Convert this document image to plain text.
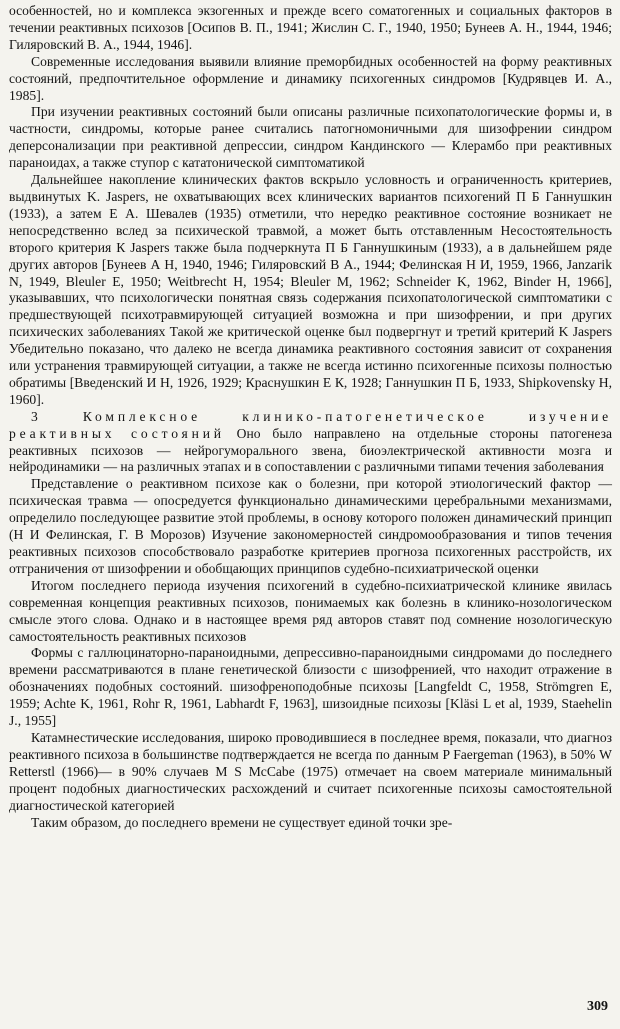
особенностей, но и комплекса экзогенных и прежде всего соматогенных и социальных факторов в течении реактивных психозов [Осипов В. П., 1941; Жислин С. Г., 1940, 1950; Бунеев А. Н., 1944, 1946; Гиляровский В. А., 1944, 1946].

Современные исследования выявили влияние преморбидных особенностей на форму реактивных состояний, предпочтительное оформление и динамику психогенных синдромов [Кудрявцев И. А., 1985].

При изучении реактивных состояний были описаны различные психопатологические формы и, в частности, синдромы, которые ранее считались патогномоничными для шизофрении синдром деперсонализации при реактивной депрессии, синдром Кандинского — Клерамбо при реактивных параноидах, а также ступор с кататонической симптоматикой

Дальнейшее накопление клинических фактов вскрыло условность и ограниченность критериев, выдвинутых K. Jaspers, не охватывающих всех клинических вариантов психогений П Б Ганнушкин (1933), а затем Е А. Шевалев (1935) отметили, что нередко реактивное состояние возникает не непосредственно вслед за психической травмой, а может быть отставленным Несостоятельность второго критерия К Jaspers также была подчеркнута П Б Ганнушкиным (1933), а в дальнейшем ряде других авторов [Бунеев А Н, 1940, 1946; Гиляровский В А., 1944; Фелинская Н И, 1959, 1966, Janzarik N, 1949, Bleuler E, 1950; Weitbrecht H, 1954; Bleuler M, 1962; Schneider K, 1962, Binder H, 1966], указывавших, что психологически понятная связь содержания психопатологической симптоматики с предшествующей психотравмирующей ситуацией возможна и при шизофрении, и при других психических заболеваниях Такой же критической оценке был подвергнут и третий критерий K Jaspers Убедительно показано, что далеко не всегда динамика реактивного состояния зависит от сохранения или устранения травмирующей ситуации, а также не всегда истинно психогенные психозы полностью обратимы [Введенский И Н, 1926, 1929; Краснушкин Е К, 1928; Ганнушкин П Б, 1933, Shipkovensky H, 1960].

3 Комплексное клинико-патогенетическое изучение реактивных состояний Оно было направлено на отдельные стороны патогенеза реактивных психозов — нейрогуморального звена, биоэлектрической активности мозга и нейродинамики — на различных этапах и в сопоставлении с различными типами течения заболевания

Представление о реактивном психозе как о болезни, при которой этиологический фактор — психическая травма — опосредуется функционально динамическими церебральными механизмами, определило последующее развитие этой проблемы, в основу которого положен динамический принцип (Н И Фелинская, Г. В Морозов) Изучение закономерностей синдромообразования и типов течения реактивных психозов способствовало разработке критериев прогноза психогенных расстройств, их отграничения от шизофрении и обобщающих принципов судебно-психиатрической оценки

Итогом последнего периода изучения психогений в судебно-психиатрической клинике явилась современная концепция реактивных психозов, понимаемых как болезнь в клинико-нозологическом смысле этого слова. Однако и в настоящее время ряд авторов ставят под сомнение нозологическую самостоятельность реактивных психозов

Формы с галлюцинаторно-параноидными, депрессивно-параноидными синдромами до последнего времени рассматриваются в плане генетической близости с шизофренией, что находит отражение в обозначениях подобных состояний. шизофреноподобные психозы [Langfeldt C, 1958, Strömgren E, 1959; Achte K, 1961, Rohr R, 1961, Labhardt F, 1963], шизоидные психозы [Kläsi L et al, 1939, Staehelin J., 1955]

Катамнестические исследования, широко проводившиеся в последнее время, показали, что диагноз реактивного психоза в большинстве подтверждается не всегда по данным P Faergeman (1963), в 50% W Retterstl (1966)— в 90% случаев M S McCabe (1975) отмечает на своем материале минимальный процент подобных диагностических расхождений и считает психогенные психозы самостоятельной диагностической категорией

Таким образом, до последнего времени не существует единой точки зре-

309
